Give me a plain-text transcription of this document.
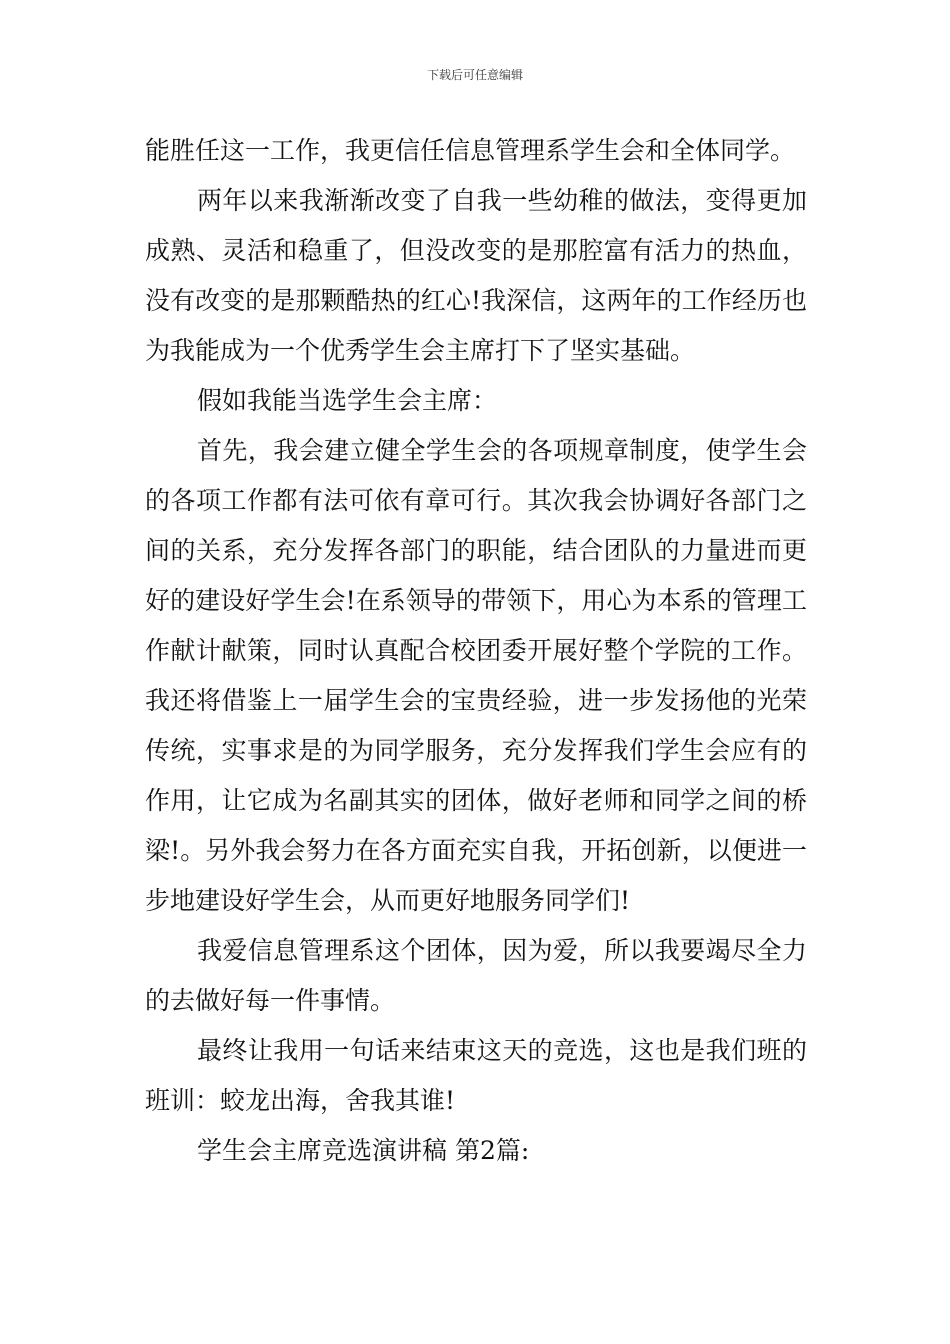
下载后可任意编辑

能胜任这一工作，我更信任信息管理系学生会和全体同学。

两年以来我渐渐改变了自我一些幼稚的做法，变得更加成熟、灵活和稳重了，但没改变的是那腔富有活力的热血，没有改变的是那颗酷热的红心!我深信，这两年的工作经历也为我能成为一个优秀学生会主席打下了坚实基础。

假如我能当选学生会主席：

首先，我会建立健全学生会的各项规章制度，使学生会的各项工作都有法可依有章可行。其次我会协调好各部门之间的关系，充分发挥各部门的职能，结合团队的力量进而更好的建设好学生会!在系领导的带领下，用心为本系的管理工作献计献策，同时认真配合校团委开展好整个学院的工作。我还将借鉴上一届学生会的宝贵经验，进一步发扬他的光荣传统，实事求是的为同学服务，充分发挥我们学生会应有的作用，让它成为名副其实的团体，做好老师和同学之间的桥梁!。另外我会努力在各方面充实自我，开拓创新，以便进一步地建设好学生会，从而更好地服务同学们!

我爱信息管理系这个团体，因为爱，所以我要竭尽全力的去做好每一件事情。

最终让我用一句话来结束这天的竞选，这也是我们班的班训：蛟龙出海，舍我其谁!

学生会主席竞选演讲稿 第2篇:
